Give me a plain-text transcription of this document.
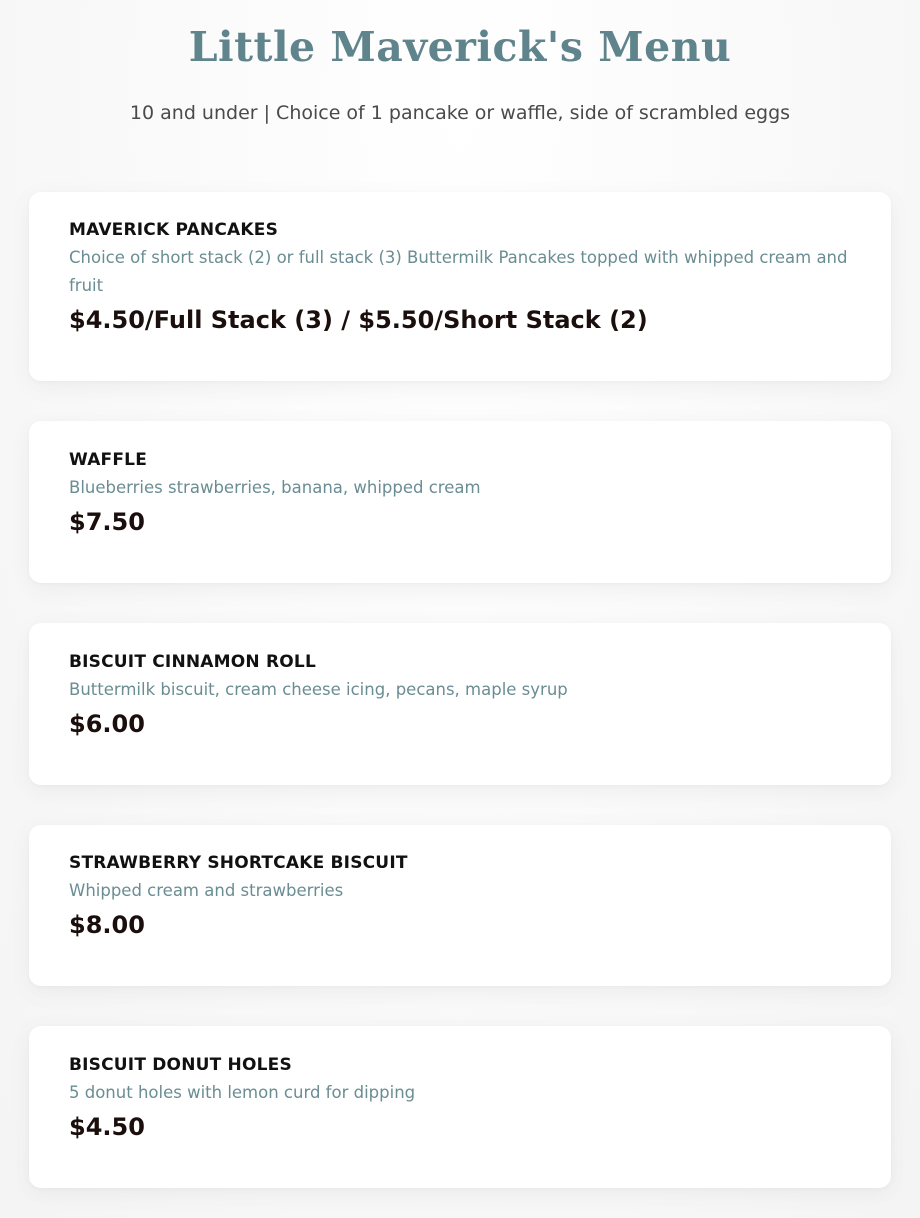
Little Maverick's Menu
10 and under | Choice of 1 pancake or waffle, side of scrambled eggs
MAVERICK PANCAKES
Choice of short stack (2) or full stack (3) Buttermilk Pancakes topped with whipped cream and fruit
$4.50/Full Stack (3) / $5.50/Short Stack (2)
WAFFLE
Blueberries strawberries, banana, whipped cream
$7.50
BISCUIT CINNAMON ROLL
Buttermilk biscuit, cream cheese icing, pecans, maple syrup
$6.00
STRAWBERRY SHORTCAKE BISCUIT
Whipped cream and strawberries
$8.00
BISCUIT DONUT HOLES
5 donut holes with lemon curd for dipping
$4.50
